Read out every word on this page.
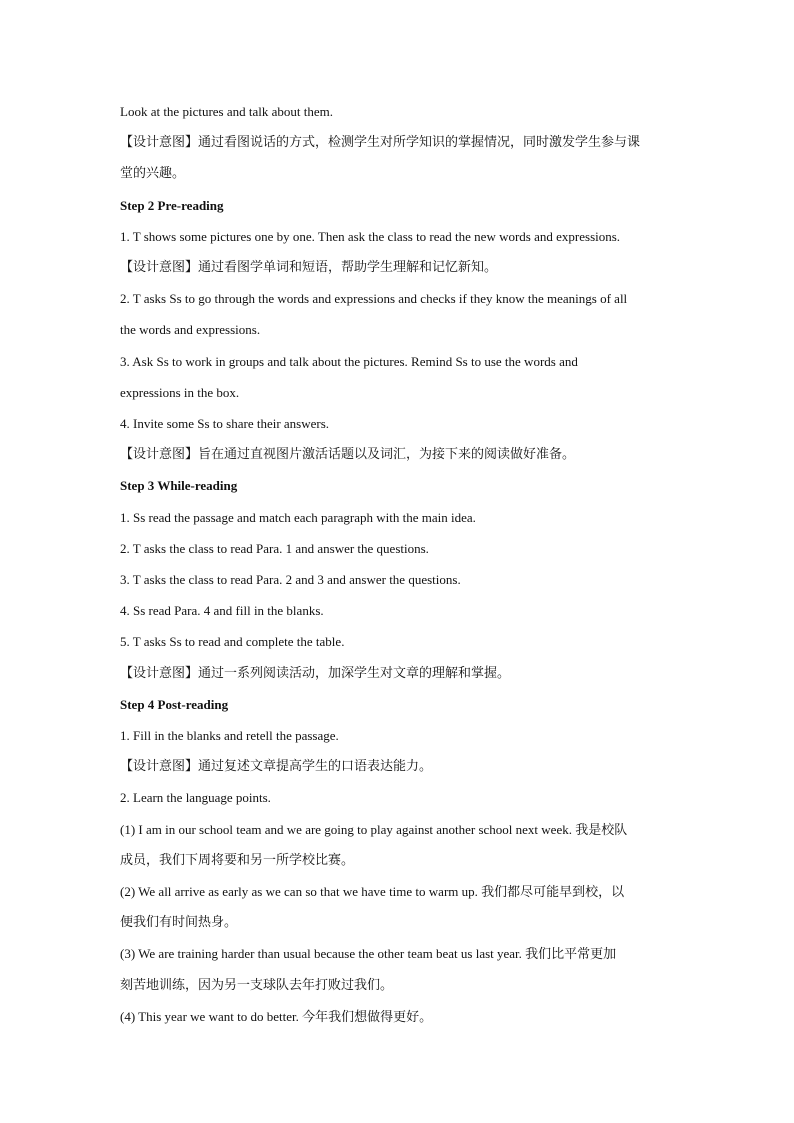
Look at the pictures and talk about them.

【设计意图】通过看图说话的方式，检测学生对所学知识的掌握情况，同时激发学生参与课

堂的兴趣。

Step 2 Pre-reading

1. T shows some pictures one by one. Then ask the class to read the new words and expressions.

【设计意图】通过看图学单词和短语，帮助学生理解和记忆新知。

2. T asks Ss to go through the words and expressions and checks if they know the meanings of all

the words and expressions.

3. Ask Ss to work in groups and talk about the pictures. Remind Ss to use the words and

expressions in the box.

4. Invite some Ss to share their answers.

【设计意图】旨在通过直视图片激活话题以及词汇，为接下来的阅读做好准备。

Step 3 While-reading

1. Ss read the passage and match each paragraph with the main idea.

2. T asks the class to read Para. 1 and answer the questions.

3. T asks the class to read Para. 2 and 3 and answer the questions.

4. Ss read Para. 4 and fill in the blanks.

5. T asks Ss to read and complete the table.

【设计意图】通过一系列阅读活动，加深学生对文章的理解和掌握。

Step 4 Post-reading

1. Fill in the blanks and retell the passage.

【设计意图】通过复述文章提高学生的口语表达能力。

2. Learn the language points.

(1) I am in our school team and we are going to play against another school next week. 我是校队

成员，我们下周将要和另一所学校比赛。

(2) We all arrive as early as we can so that we have time to warm up. 我们都尽可能早到校，以

便我们有时间热身。

(3) We are training harder than usual because the other team beat us last year. 我们比平常更加

刻苦地训练，因为另一支球队去年打败过我们。

(4) This year we want to do better. 今年我们想做得更好。
